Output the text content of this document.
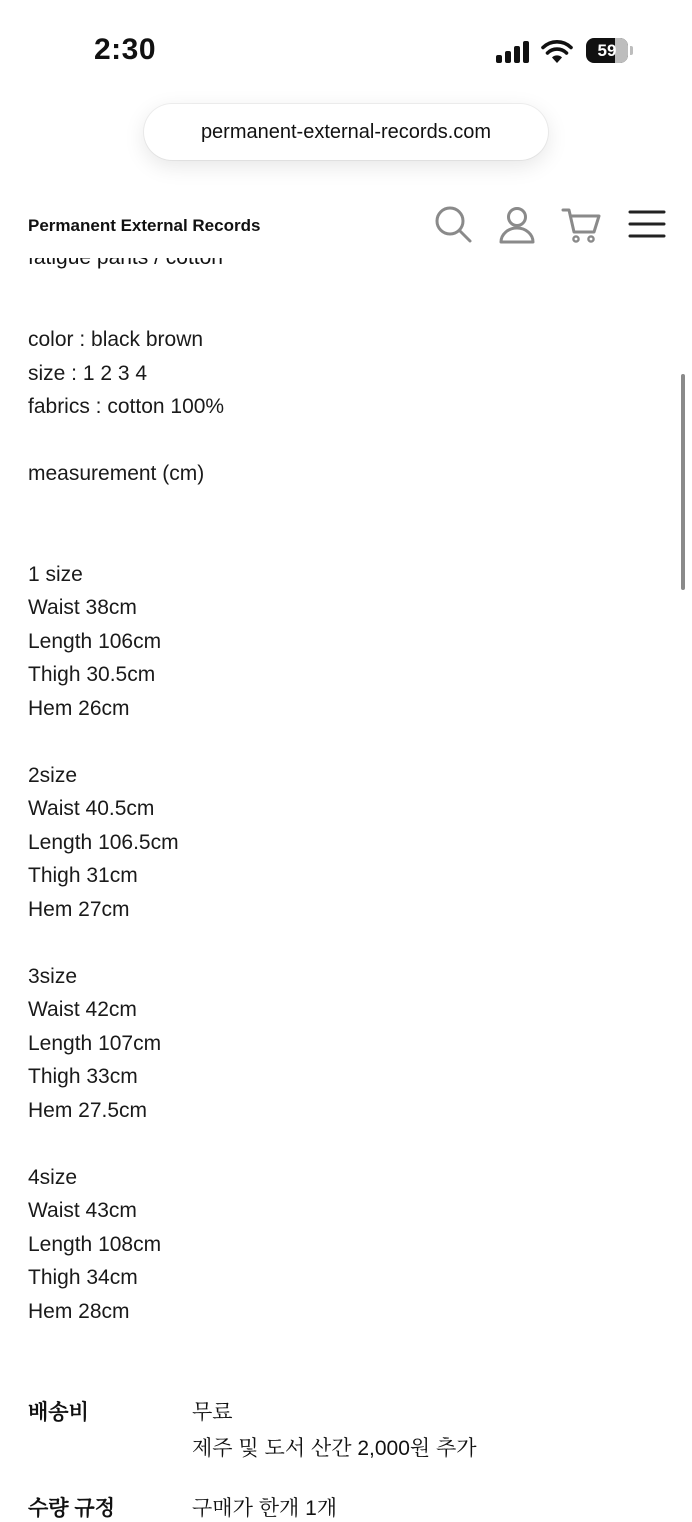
2:30	59
permanent-external-records.com
Permanent External Records
color : black brown
size : 1 2 3 4
fabrics : cotton 100%
measurement (cm)
1 size
Waist 38cm
Length 106cm
Thigh 30.5cm
Hem 26cm
2size
Waist 40.5cm
Length 106.5cm
Thigh 31cm
Hem 27cm
3size
Waist 42cm
Length 107cm
Thigh 33cm
Hem 27.5cm
4size
Waist 43cm
Length 108cm
Thigh 34cm
Hem 28cm
배송비	무료
제주 및 도서 산간 2,000원 추가
수량 규정	구매가 한개 1개
